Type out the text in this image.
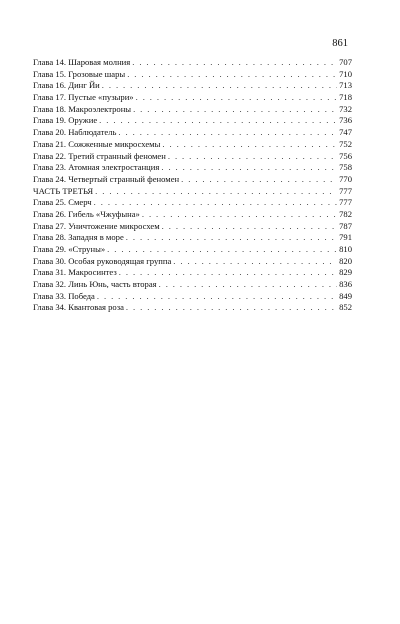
861
Глава 14. Шаровая молния . . .	707
Глава 15. Грозовые шары . . .	710
Глава 16. Динг Йи . . .	713
Глава 17. Пустые «пузыри» . . .	718
Глава 18. Макроэлектроны . . .	732
Глава 19. Оружие . . .	736
Глава 20. Наблюдатель . . .	747
Глава 21. Сожженные микросхемы . . .	752
Глава 22. Третий странный феномен . . .	756
Глава 23. Атомная электростанция . . .	758
Глава 24. Четвертый странный феномен . . .	770
ЧАСТЬ ТРЕТЬЯ . . .	777
Глава 25. Смерч . . .	777
Глава 26. Гибель «Чжуфына» . . .	782
Глава 27. Уничтожение микросхем . . .	787
Глава 28. Западня в море . . .	791
Глава 29. «Струны» . . .	810
Глава 30. Особая руководящая группа . . .	820
Глава 31. Макросинтез . . .	829
Глава 32. Линь Юнь, часть вторая . . .	836
Глава 33. Победа . . .	849
Глава 34. Квантовая роза . . .	852
